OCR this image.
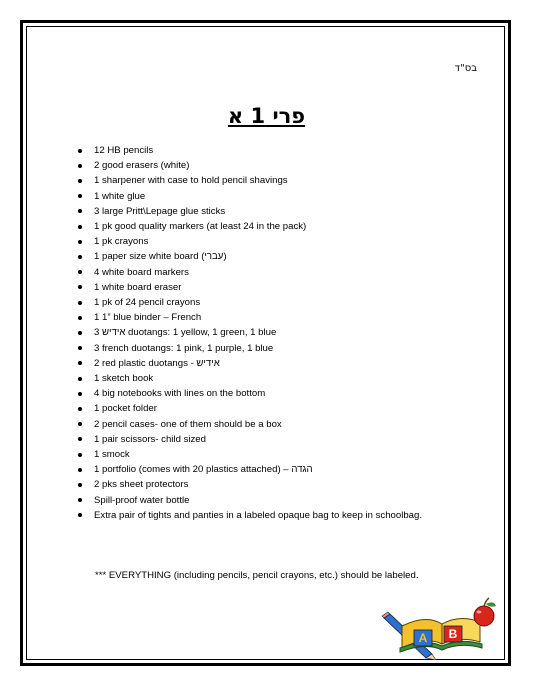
בס"ד
פרי 1 א
12 HB pencils
2 good erasers (white)
1 sharpener with case to hold pencil shavings
1 white glue
3 large Pritt\Lepage glue sticks
1 pk good quality markers (at least 24 in the pack)
1 pk crayons
1 paper size white board (עברי)
4 white board markers
1 white board eraser
1 pk of 24 pencil crayons
1 1” blue binder – French
3 אידיש duotangs: 1 yellow, 1 green, 1 blue
3 french duotangs: 1 pink, 1 purple, 1 blue
2 red plastic duotangs - אידיש
1 sketch book
4 big notebooks with lines on the bottom
1 pocket folder
2 pencil cases- one of them should be a box
1 pair scissors- child sized
1 smock
1 portfolio (comes with 20 plastics attached) – הגדה
2 pks sheet protectors
Spill-proof water bottle
Extra pair of tights and panties in a labeled opaque bag to keep in schoolbag.
*** EVERYTHING (including pencils, pencil crayons, etc.) should be labeled.
A B
